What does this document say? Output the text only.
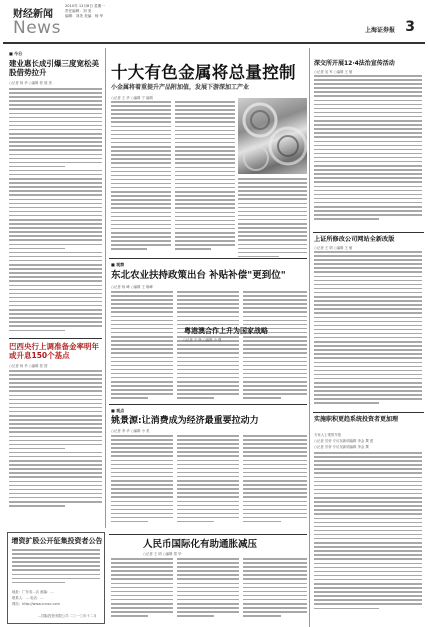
财经新闻
2010年 12月8日 星期一
责任编辑：刘 美
编辑：刘美 美编：杨 华
News	上海证券报 3
■ 今日
建业惠长成引爆三度宽松美股借势拉升
○记者 杨 华 ○编辑 张 瑞 美
巴西央行上调准备金率明年或升息150个基点
○记者 杨 华 ○编辑 张 国
十大有色金属将总量控制
小金属将着重提升产品附加值，发展下游深加工产业
○记者 王 华 ○编辑 宁 编辑
■ 观察
东北农业扶持政策出台 补贴补偿"更到位"
○记者 杨 峰 ○编辑 王 晓峰
粤港澳合作上升为国家战略
○记者 于 杨 ○编辑 小 强
■ 观点
姚景源:让消费成为经济最重要拉动力
○记者 李 华 ○编辑 小 美
深交所开展12·4法治宣传活动
○记者 吴 军 ○编辑 王 敏
上证所修改公司网站全新改版
○记者 王 明 ○编辑 王 敏
实施职积更趋系统投资者更加理
专家人士观察早报
○记者 贝蒂 专访吴新明编辑 李金 撰 建
○记者 贝蒂 专访吴新明编辑 李金 撰
增资扩股公开征集投资者公告
地址：广东省…区 邮编：…
联系人：… 电话：…
网站：http://www.cnnsc.com
…国际投资有限公司 二〇一〇年十二月
人民币国际化有助通胀减压
○记者 王 明 ○编辑 郑 华
